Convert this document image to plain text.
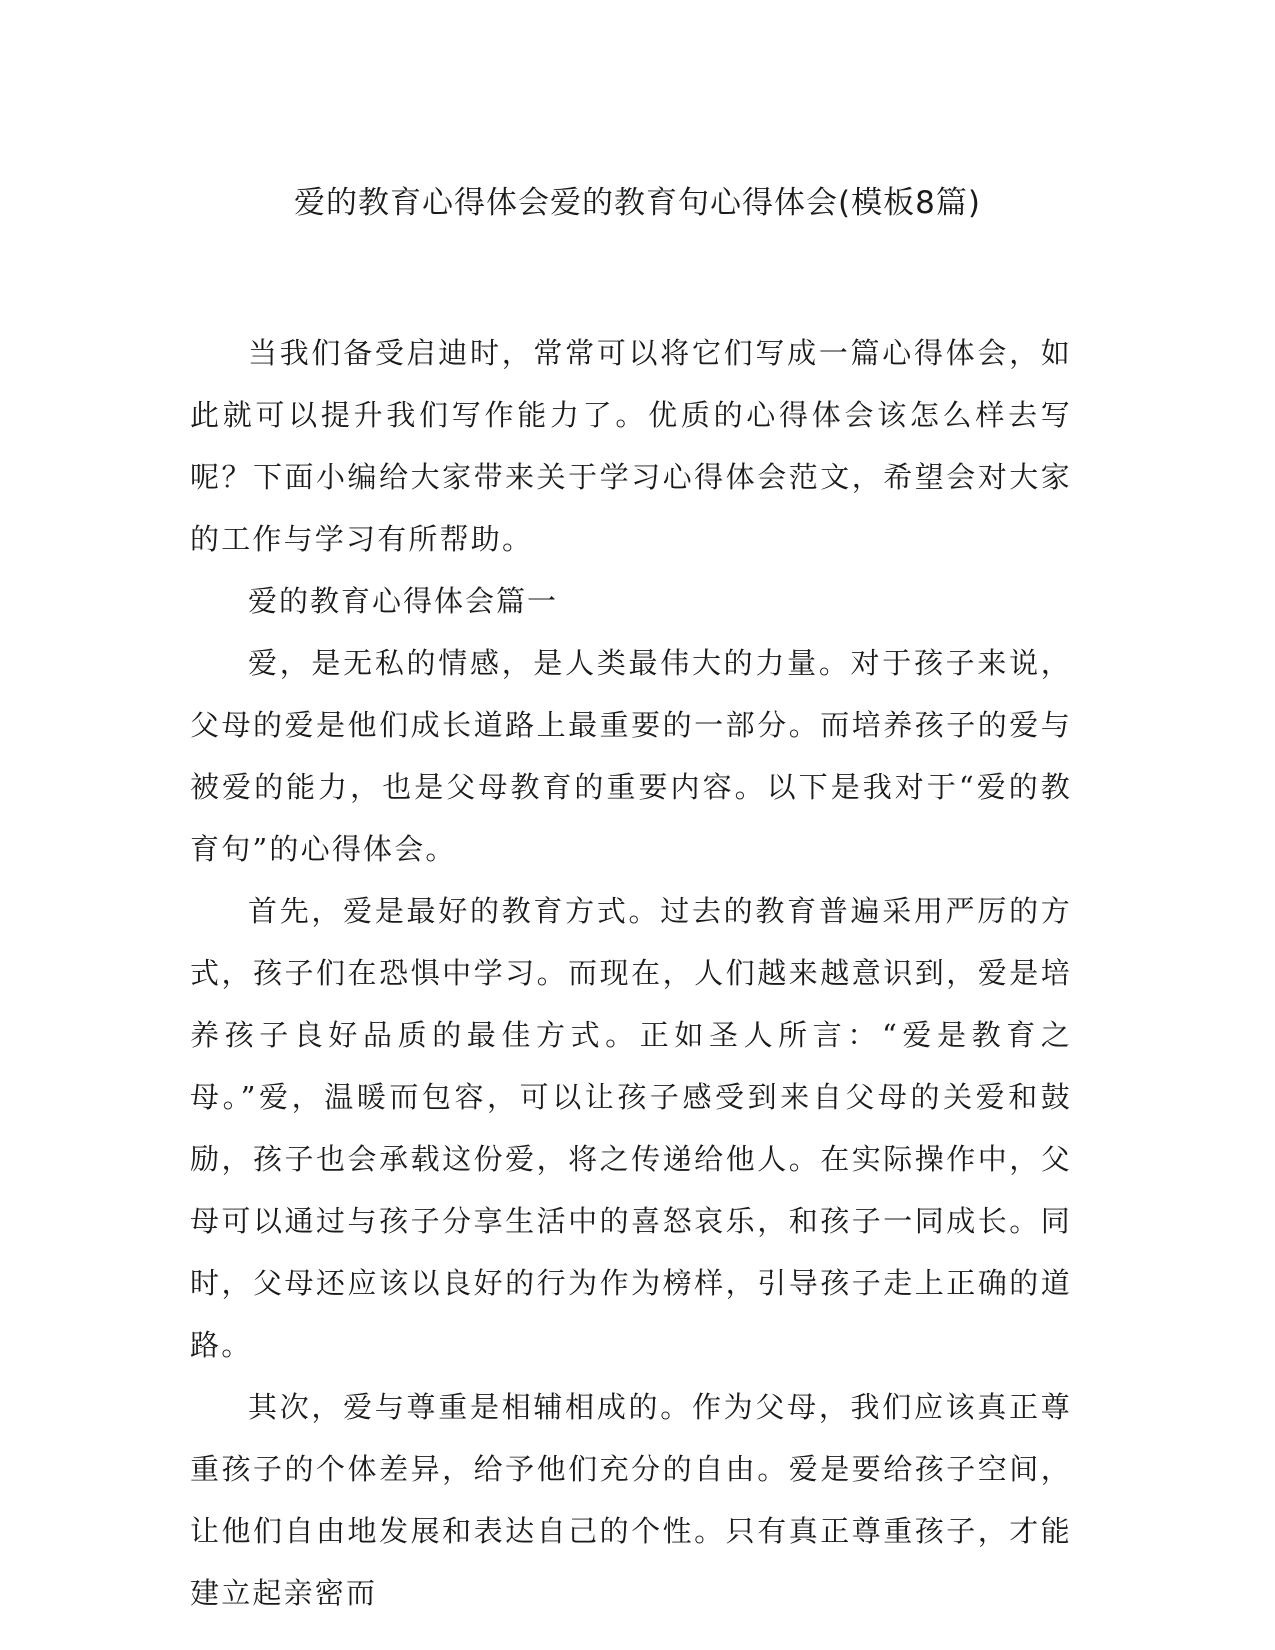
爱的教育心得体会爱的教育句心得体会(模板8篇)

当我们备受启迪时，常常可以将它们写成一篇心得体会，如此就可以提升我们写作能力了。优质的心得体会该怎么样去写呢？下面小编给大家带来关于学习心得体会范文，希望会对大家的工作与学习有所帮助。

爱的教育心得体会篇一

爱，是无私的情感，是人类最伟大的力量。对于孩子来说，父母的爱是他们成长道路上最重要的一部分。而培养孩子的爱与被爱的能力，也是父母教育的重要内容。以下是我对于“爱的教育句”的心得体会。

首先，爱是最好的教育方式。过去的教育普遍采用严厉的方式，孩子们在恐惧中学习。而现在，人们越来越意识到，爱是培养孩子良好品质的最佳方式。正如圣人所言：“爱是教育之母。”爱，温暖而包容，可以让孩子感受到来自父母的关爱和鼓励，孩子也会承载这份爱，将之传递给他人。在实际操作中，父母可以通过与孩子分享生活中的喜怒哀乐，和孩子一同成长。同时，父母还应该以良好的行为作为榜样，引导孩子走上正确的道路。

其次，爱与尊重是相辅相成的。作为父母，我们应该真正尊重孩子的个体差异，给予他们充分的自由。爱是要给孩子空间，让他们自由地发展和表达自己的个性。只有真正尊重孩子，才能建立起亲密而
